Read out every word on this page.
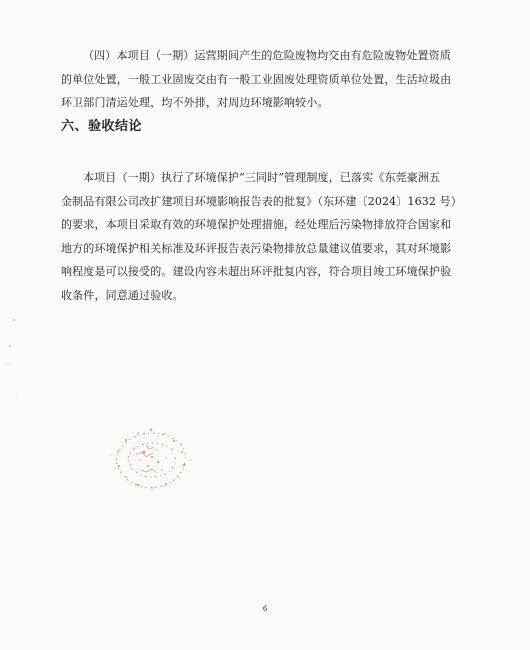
（四）本项目（一期）运营期间产生的危险废物均交由有危险废物处置资质
的单位处置，一般工业固废交由有一般工业固废处理资质单位处置，生活垃圾由
环卫部门清运处理，均不外排，对周边环境影响较小。
六、验收结论
本项目（一期）执行了环境保护“三同时”管理制度，已落实《东莞豪洲五
金制品有限公司改扩建项目环境影响报告表的批复》（东环建〔2024〕1632 号）
的要求，本项目采取有效的环境保护处理措施，经处理后污染物排放符合国家和
地方的环境保护相关标准及环评报告表污染物排放总量建议值要求，其对环境影
响程度是可以接受的。建设内容未超出环评批复内容，符合项目竣工环境保护验
收条件，同意通过验收。
6
